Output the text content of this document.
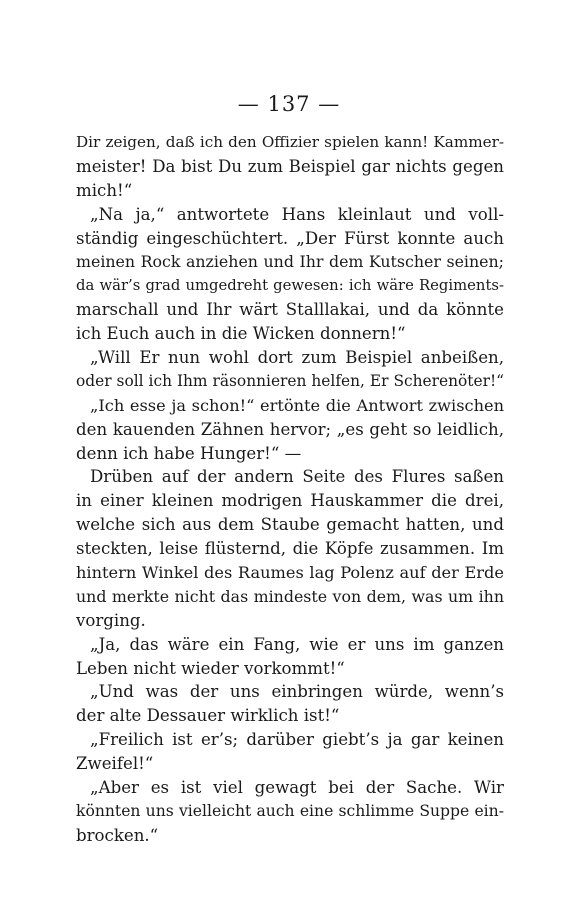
— 137 —
Dir zeigen, daß ich den Offizier spielen kann! Kammer-
meister! Da bist Du zum Beispiel gar nichts gegen
mich!“
„Na ja,“ antwortete Hans kleinlaut und voll-
ständig eingeschüchtert. „Der Fürst konnte auch
meinen Rock anziehen und Ihr dem Kutscher seinen;
da wär’s grad umgedreht gewesen: ich wäre Regiments-
marschall und Ihr wärt Stalllakai, und da könnte
ich Euch auch in die Wicken donnern!“
„Will Er nun wohl dort zum Beispiel anbeißen,
oder soll ich Ihm räsonnieren helfen, Er Scherenöter!“
„Ich esse ja schon!“ ertönte die Antwort zwischen
den kauenden Zähnen hervor; „es geht so leidlich,
denn ich habe Hunger!“ —
Drüben auf der andern Seite des Flures saßen
in einer kleinen modrigen Hauskammer die drei,
welche sich aus dem Staube gemacht hatten, und
steckten, leise flüsternd, die Köpfe zusammen. Im
hintern Winkel des Raumes lag Polenz auf der Erde
und merkte nicht das mindeste von dem, was um ihn
vorging.
„Ja, das wäre ein Fang, wie er uns im ganzen
Leben nicht wieder vorkommt!“
„Und was der uns einbringen würde, wenn’s
der alte Dessauer wirklich ist!“
„Freilich ist er’s; darüber giebt’s ja gar keinen
Zweifel!“
„Aber es ist viel gewagt bei der Sache. Wir
könnten uns vielleicht auch eine schlimme Suppe ein-
brocken.“
